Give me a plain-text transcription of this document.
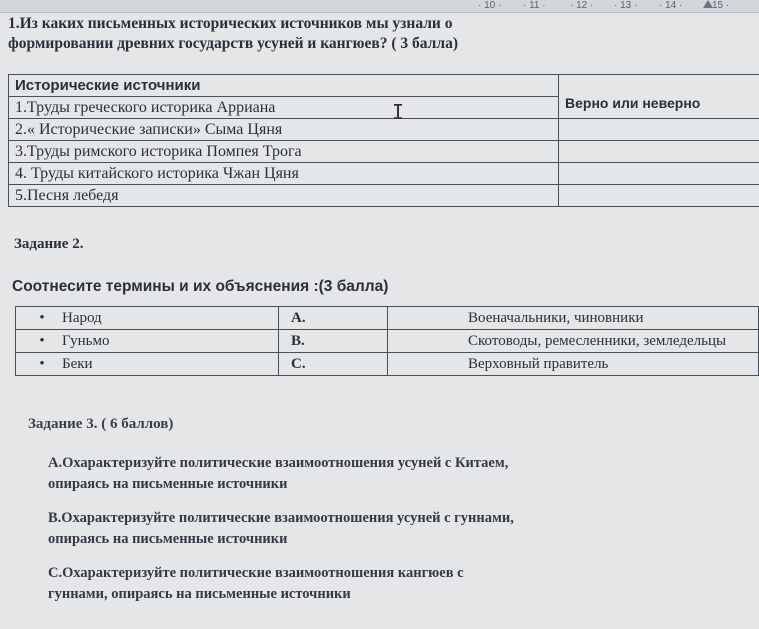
· 10 · · 11 · · 12 · · 13 · · 14 ·	15 ·
1.Из каких письменных исторических источников мы узнали о
формировании древних государств усуней и кангюев? ( 3 балла)
Исторические источники	Верно или неверно
1.Труды греческого историка Арриана	
2.« Исторические записки» Сыма Цяня	
3.Труды римского историка Помпея Трога	
4. Труды китайского историка Чжан Цяня	
5.Песня лебедя	
I
Задание 2.
Соотнесите термины и их объяснения :(3 балла)
• Народ	А.	Военачальники, чиновники
• Гуньмо	В.	Скотоводы, ремесленники, земледельцы
• Беки	С.	Верховный правитель
Задание 3. ( 6 баллов)
А.Охарактеризуйте политические взаимоотношения усуней с Китаем,
опираясь на письменные источники
В.Охарактеризуйте политические взаимоотношения усуней с гуннами,
опираясь на письменные источники
С.Охарактеризуйте политические взаимоотношения кангюев с
гуннами, опираясь на письменные источники
